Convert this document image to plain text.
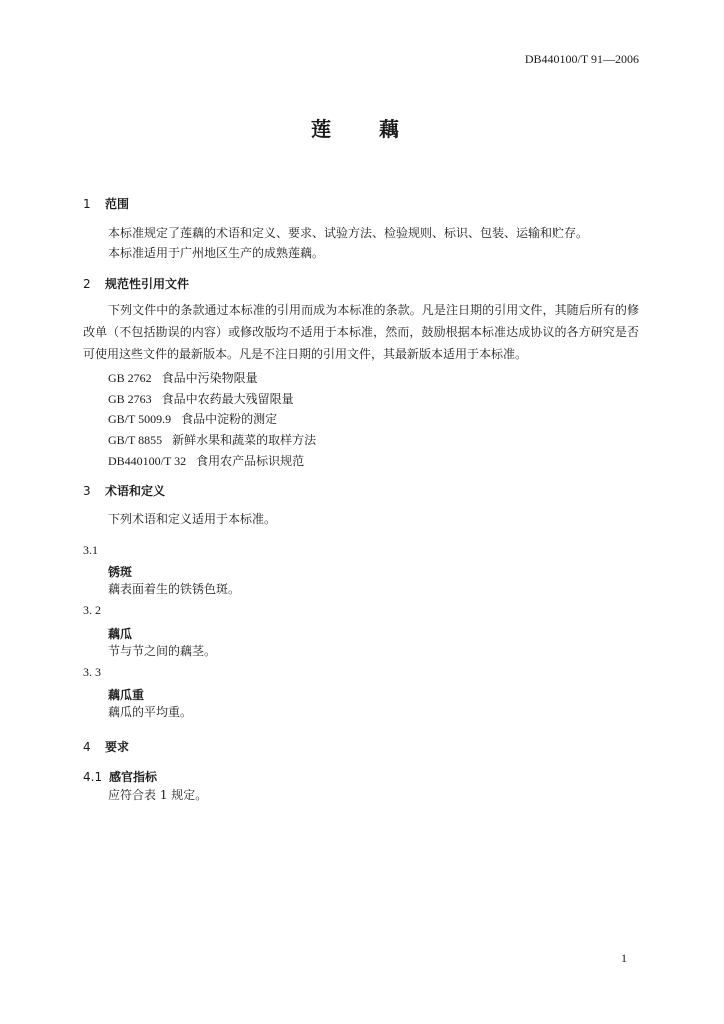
DB440100/T 91—2006
莲　藕
1 范围
本标准规定了莲藕的术语和定义、要求、试验方法、检验规则、标识、包装、运输和贮存。
本标准适用于广州地区生产的成熟莲藕。
2 规范性引用文件
下列文件中的条款通过本标准的引用而成为本标准的条款。凡是注日期的引用文件，其随后所有的修改单（不包括勘误的内容）或修改版均不适用于本标准，然而，鼓励根据本标准达成协议的各方研究是否可使用这些文件的最新版本。凡是不注日期的引用文件，其最新版本适用于本标准。
GB 2762 食品中污染物限量
GB 2763 食品中农药最大残留限量
GB/T 5009.9 食品中淀粉的测定
GB/T 8855 新鲜水果和蔬菜的取样方法
DB440100/T 32 食用农产品标识规范
3 术语和定义
下列术语和定义适用于本标准。
3.1
锈斑
藕表面着生的铁锈色斑。
3. 2
藕瓜
节与节之间的藕茎。
3. 3
藕瓜重
藕瓜的平均重。
4 要求
4.1 感官指标
应符合表 1 规定。
1
